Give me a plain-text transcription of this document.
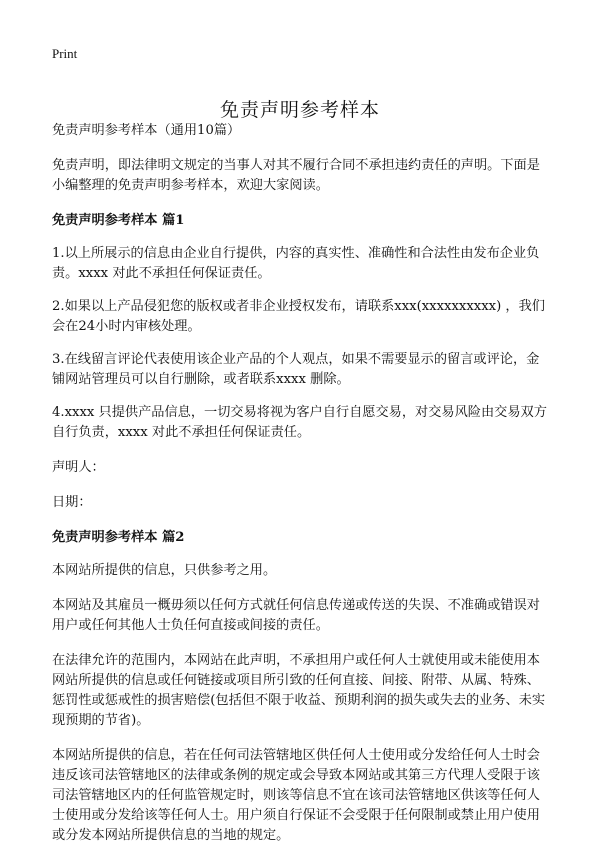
Print
免责声明参考样本

免责声明参考样本（通用10篇）

免责声明，即法律明文规定的当事人对其不履行合同不承担违约责任的声明。下面是小编整理的免责声明参考样本，欢迎大家阅读。

免责声明参考样本 篇1

1.以上所展示的信息由企业自行提供，内容的真实性、准确性和合法性由发布企业负责。xxxx 对此不承担任何保证责任。

2.如果以上产品侵犯您的版权或者非企业授权发布，请联系xxx(xxxxxxxxxx) ，我们会在24小时内审核处理。

3.在线留言评论代表使用该企业产品的个人观点，如果不需要显示的留言或评论，金铺网站管理员可以自行删除，或者联系xxxx 删除。

4.xxxx 只提供产品信息，一切交易将视为客户自行自愿交易，对交易风险由交易双方自行负责，xxxx 对此不承担任何保证责任。

声明人：

日期：

免责声明参考样本 篇2

本网站所提供的信息，只供参考之用。

本网站及其雇员一概毋须以任何方式就任何信息传递或传送的失误、不准确或错误对用户或任何其他人士负任何直接或间接的责任。

在法律允许的范围内，本网站在此声明，不承担用户或任何人士就使用或未能使用本网站所提供的信息或任何链接或项目所引致的任何直接、间接、附带、从属、特殊、惩罚性或惩戒性的损害赔偿(包括但不限于收益、预期利润的损失或失去的业务、未实现预期的节省)。

本网站所提供的信息，若在任何司法管辖地区供任何人士使用或分发给任何人士时会违反该司法管辖地区的法律或条例的规定或会导致本网站或其第三方代理人受限于该司法管辖地区内的任何监管规定时，则该等信息不宜在该司法管辖地区供该等任何人士使用或分发给该等任何人士。用户须自行保证不会受限于任何限制或禁止用户使用或分发本网站所提供信息的当地的规定。
